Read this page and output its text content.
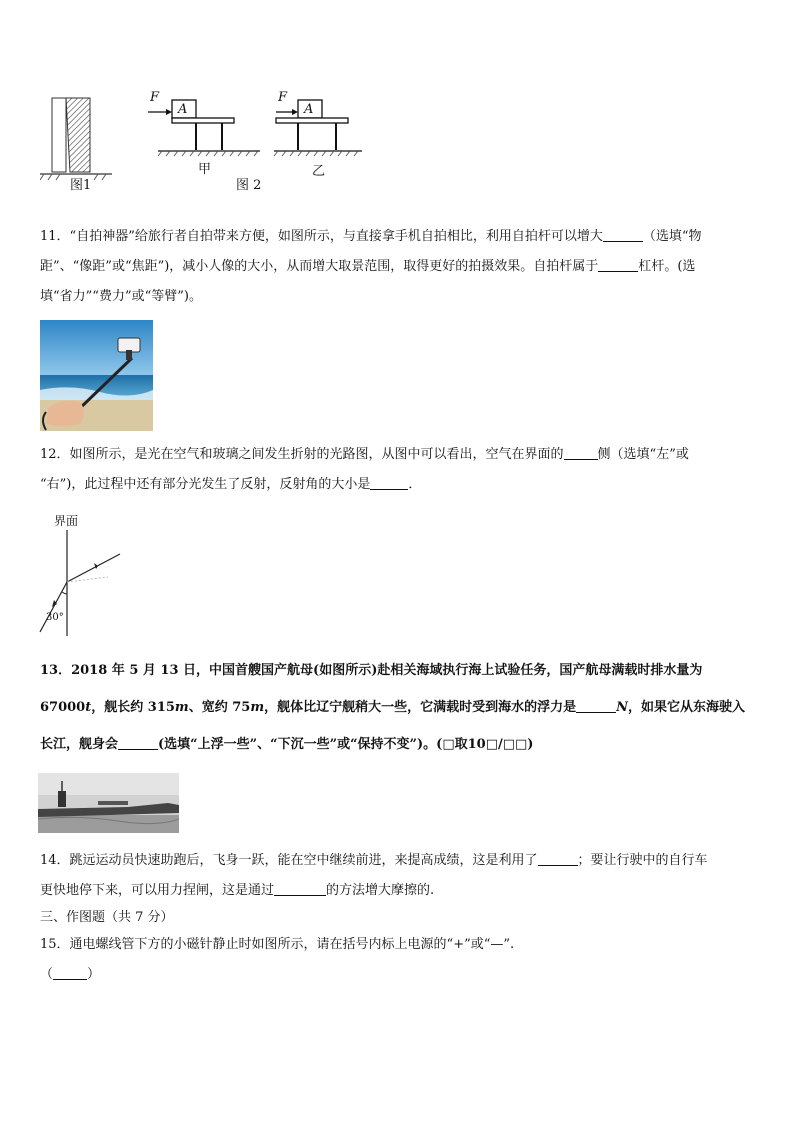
图1
F
A
F
A
甲	乙
图 2

11．“自拍神器”给旅行者自拍带来方便，如图所示，与直接拿手机自拍相比，利用自拍杆可以增大	（选填“物

距”、“像距”或“焦距”)，减小人像的大小，从而增大取景范围，取得更好的拍摄效果。自拍杆属于	杠杆。(选

填“省力”“费力”或“等臂”)。

12．如图所示，是光在空气和玻璃之间发生折射的光路图，从图中可以看出，空气在界面的	侧（选填“左”或

“右”)，此过程中还有部分光发生了反射，反射角的大小是	．

界面
30°

13．2018 年 5 月 13 日，中国首艘国产航母(如图所示)赴相关海域执行海上试验任务，国产航母满载时排水量为

67000t，舰长约 315m、宽约 75m，舰体比辽宁舰稍大一些，它满载时受到海水的浮力是	N，如果它从东海驶入

长江，舰身会	(选填“上浮一些”、“下沉一些”或“保持不变”)。(□取10□/□□)

14．跳远运动员快速助跑后，飞身一跃，能在空中继续前进，来提高成绩，这是利用了	；要让行驶中的自行车

更快地停下来，可以用力捏闸，这是通过	的方法增大摩擦的.

三、作图题（共 7 分）

15．通电螺线管下方的小磁针静止时如图所示，请在括号内标上电源的“+”或“—”.

（	）
